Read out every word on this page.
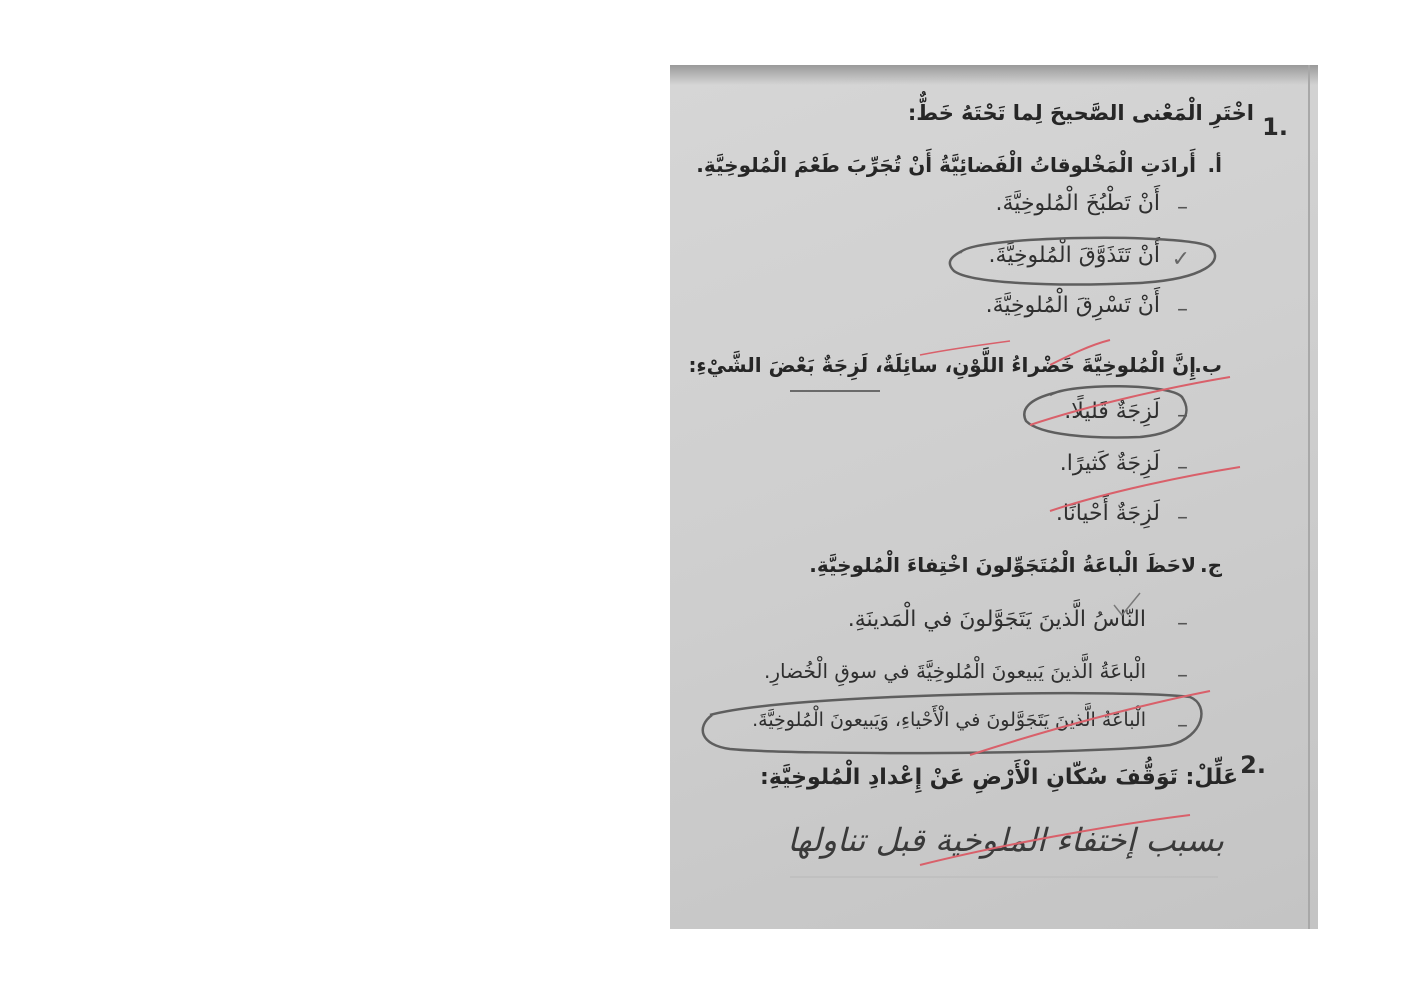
1.
اخْتَرِ الْمَعْنى الصَّحيحَ لِما تَحْتَهُ خَطٌّ:
أ.
أَرادَتِ الْمَخْلوقاتُ الْفَضائِيَّةُ أَنْ تُجَرِّبَ طَعْمَ الْمُلوخِيَّةِ.
–
أَنْ تَطْبُخَ الْمُلوخِيَّةَ.
✓
أَنْ تَتَذَوَّقَ الْمُلوخِيَّةَ.
–
أَنْ تَسْرِقَ الْمُلوخِيَّةَ.
ب.
إِنَّ الْمُلوخِيَّةَ خَضْراءُ اللَّوْنِ، سائِلَةٌ، لَزِجَةٌ بَعْضَ الشَّيْءِ:
–
لَزِجَةٌ قَليلًا.
–
لَزِجَةٌ كَثيرًا.
–
لَزِجَةٌ أَحْيانًا.
ج.
لاحَظَ الْباعَةُ الْمُتَجَوِّلونَ اخْتِفاءَ الْمُلوخِيَّةِ.
–
النّاسُ الَّذينَ يَتَجَوَّلونَ في الْمَدينَةِ.
–
الْباعَةُ الَّذينَ يَبيعونَ الْمُلوخِيَّةَ في سوقِ الْخُضارِ.
–
الْباعَةُ الَّذينَ يَتَجَوَّلونَ في الْأَحْياءِ، وَيَبيعونَ الْمُلوخِيَّةَ.
2.
عَلِّلْ: تَوَقُّفَ سُكّانِ الْأَرْضِ عَنْ إِعْدادِ الْمُلوخِيَّةِ:
بسبب إختفاء الملوخية قبل تناولها
